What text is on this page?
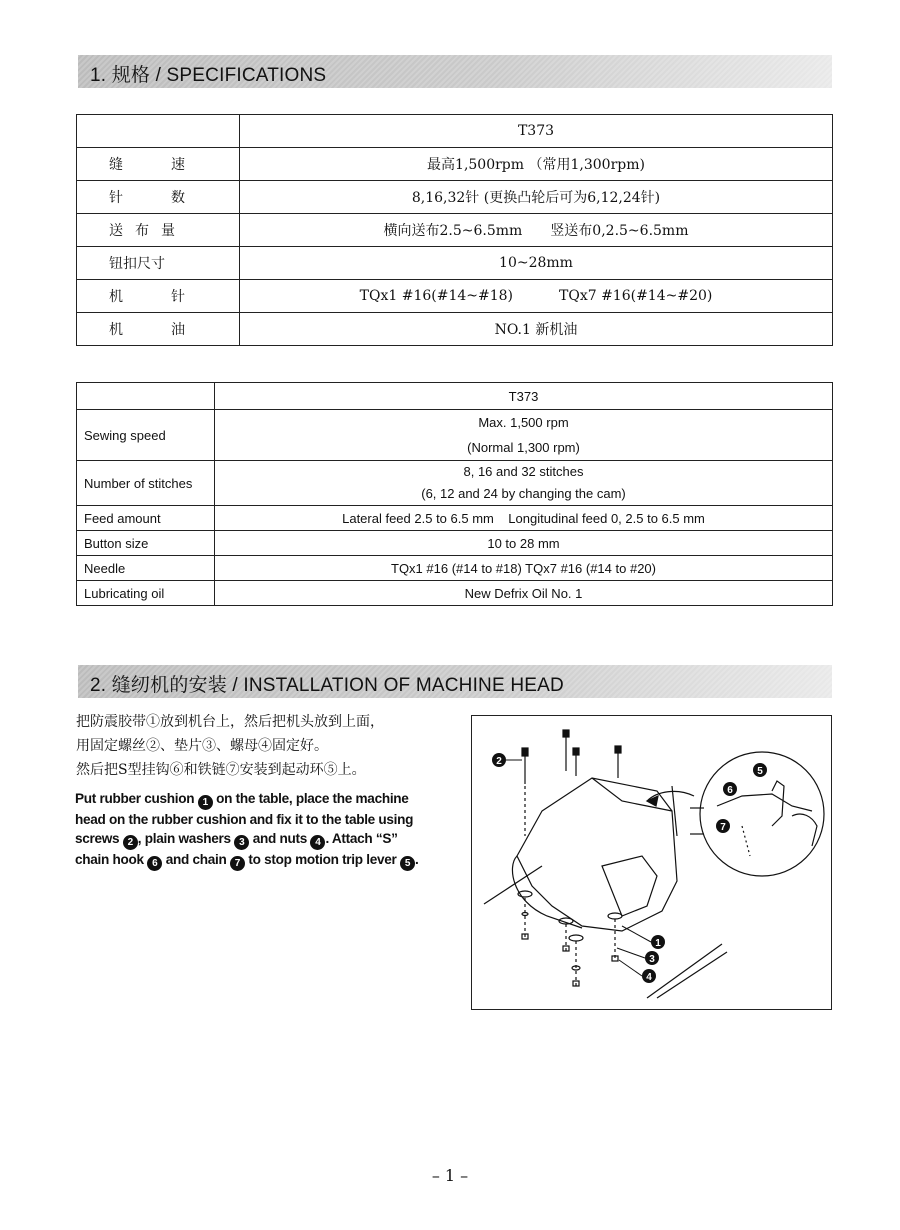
1. 规格 / SPECIFICATIONS
	T373
缝 速	最高1,500rpm （常用1,300rpm)
针 数	8,16,32针 (更换凸轮后可为6,12,24针)
送 布 量	横向送布2.5~6.5mm 竖送布0,2.5~6.5mm
钮扣尺寸	10~28mm
机 针	TQx1 #16(#14~#18) TQx7 #16(#14~#20)
机 油	NO.1 新机油
	T373
Sewing speed	Max. 1,500 rpm
(Normal 1,300 rpm)

Number of stitches	8, 16 and 32 stitches
(6, 12 and 24 by changing the cam)

Feed amount	Lateral feed 2.5 to 6.5 mm    Longitudinal feed 0, 2.5 to 6.5 mm
Button size	10 to 28 mm
Needle	TQx1 #16 (#14 to #18) TQx7 #16 (#14 to #20)
Lubricating oil	New Defrix Oil No. 1
2. 缝纫机的安装 / INSTALLATION OF MACHINE HEAD
把防震胶带①放到机台上，然后把机头放到上面，
用固定螺丝②、垫片③、螺母④固定好。
然后把S型挂钩⑥和铁链⑦安装到起动环⑤上。
Put rubber cushion 1 on the table, place the machine
head on the rubber cushion and fix it to the table using
screws 2 , plain washers 3 and nuts 4 . Attach “S”
chain hook 6 and chain 7 to stop motion trip lever 5 .
1
2
3
4
5
6
7
– 1 –
